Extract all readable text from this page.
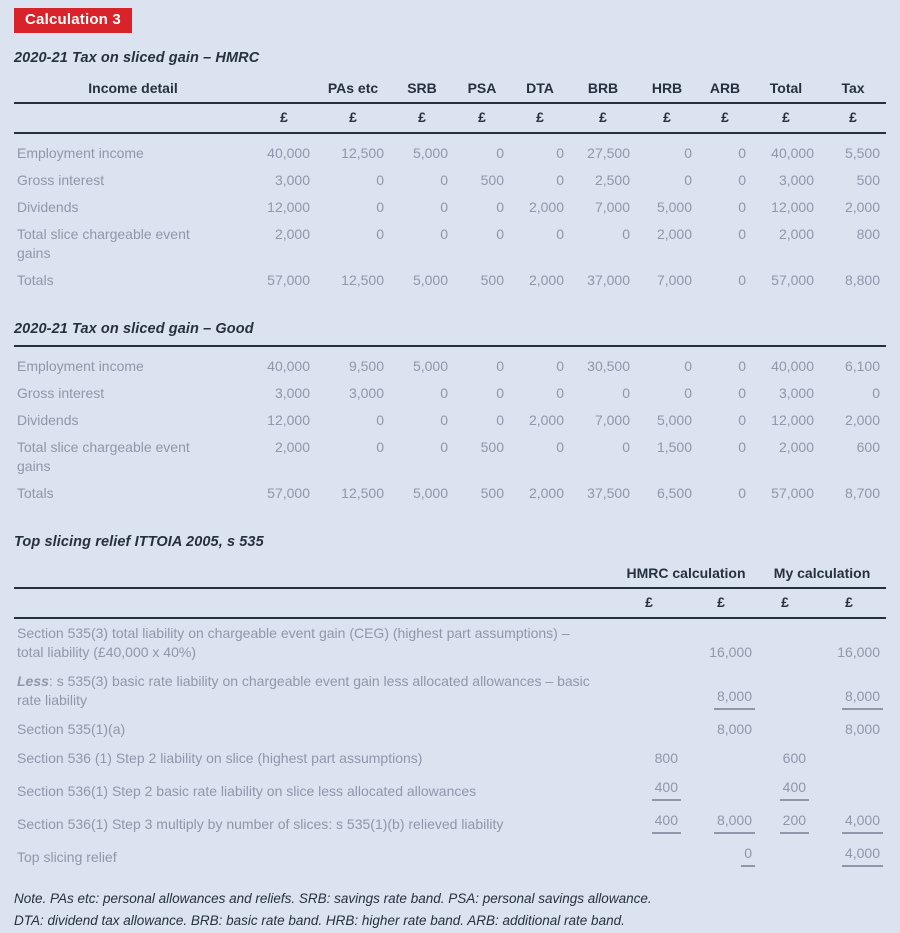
Calculation 3
2020-21 Tax on sliced gain – HMRC
Income detail		PAs etc	SRB	PSA	DTA	BRB	HRB	ARB	Total	Tax
	£	£	£	£	£	£	£	£	£	£
Employment income	40,000	12,500	5,000	0	0	27,500	0	0	40,000	5,500
Gross interest	3,000	0	0	500	0	2,500	0	0	3,000	500
Dividends	12,000	0	0	0	2,000	7,000	5,000	0	12,000	2,000
Total slice chargeable event gains	2,000	0	0	0	0	0	2,000	0	2,000	800
Totals	57,000	12,500	5,000	500	2,000	37,000	7,000	0	57,000	8,800
2020-21 Tax on sliced gain – Good
Employment income	40,000	9,500	5,000	0	0	30,500	0	0	40,000	6,100
Gross interest	3,000	3,000	0	0	0	0	0	0	3,000	0
Dividends	12,000	0	0	0	2,000	7,000	5,000	0	12,000	2,000
Total slice chargeable event gains	2,000	0	0	500	0	0	1,500	0	2,000	600
Totals	57,000	12,500	5,000	500	2,000	37,500	6,500	0	57,000	8,700
Top slicing relief ITTOIA 2005, s 535
	HMRC calculation		My calculation	
	£	£	£	£
Section 535(3) total liability on chargeable event gain (CEG) (highest part assumptions) – total liability (£40,000 x 40%)		16,000		16,000
Less: s 535(3) basic rate liability on chargeable event gain less allocated allowances – basic rate liability		8,000		8,000
Section 535(1)(a)		8,000		8,000
Section 536 (1) Step 2 liability on slice (highest part assumptions)	800		600	
Section 536(1) Step 2 basic rate liability on slice less allocated allowances	400		400	
Section 536(1) Step 3 multiply by number of slices: s 535(1)(b) relieved liability	400	8,000	200	4,000
Top slicing relief		0		4,000
Note. PAs etc: personal allowances and reliefs. SRB: savings rate band. PSA: personal savings allowance.
DTA: dividend tax allowance. BRB: basic rate band. HRB: higher rate band. ARB: additional rate band.
